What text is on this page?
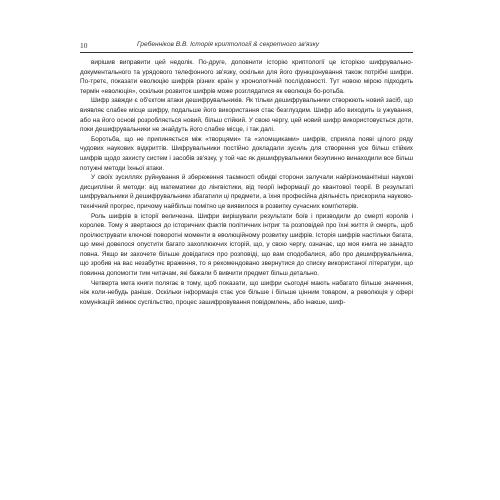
10	Гребенніков В.В. Історія криптології & секретного зв'язку

вирішив виправити цей недолік. По-друге, доповнити історію криптології це історією шифрувально-документального та урядового телефонного зв'язку, оскільки для його функціонування також потрібні шифри. По-третє, показати еволюцію шифрів різних країн у хронологічній послідовності. Тут новою мірою підходить термін «еволюція», оскільки розвиток шифрів може розглядатися як еволюція бо-ротьба.

Шифр завжди є об'єктом атаки дешифрувальників. Як тільки дешифрувальники створюють новий засіб, що виявляє слабке місце шифру, подальше його використання стає безглуздим. Шифр або виходить із ужування, або на його основі розробляється новий, більш стійкий. У свою чергу, цей новий шифр використовується доти, поки дешифрувальники не знайдуть його слабке місце, і так далі.

Боротьба, що не припиняється між «творцями» та «зломщиками» шифрів, сприяла появі цілого ряду чудових наукових відкриттів. Шифрувальники постійно докладали зусиль для створення усе більш стійких шифрів щодо захисту систем і засобів зв'язку, у той час як дешифрувальники безупинно винаходили все більш потужні методи їхньої атаки.

У своїх зусиллях руйнування й збереження таємності обидві сторони залучали найрізноманітніші наукові дисципліни й методи: від математики до лінгвістики, від теорії інформації до квантової теорії. В результаті шифрувальники й дешифрувальники збагатили ці предмети, а їхня професійна діяльність прискорила науково-технічний прогрес, причому найбільш помітно це виявилося в розвитку сучасних комп'ютерів.

Роль шифрів в історії величезна. Шифри вирішували результати боїв і призводили до смерті королів і королев. Тому я звертаюся до історичних фактів політичних інтриг та розповідей про їхні життя й смерть, щоб проілюструвати ключові поворотні моменти в еволюційному розвитку шифрів. Історія шифрів настільки багата, що мені довелося опустити багато захоплюючих історій, що, у свою чергу, означає, що моя книга не занадто повна. Якщо ви захочете більше довідатися про розповіді, що вам сподобалися, або про дешифрувальника, що зробив на вас незабутнє враження, то я рекомендовано звернутися до списку використаної літератури, що повинна допомогти тим читачам, які бажали б вивчити предмет більш детально.

Четверта мета книги полягає в тому, щоб показати, що шифри сьогодні мають набагато більше значення, ніж коли-небудь раніше. Оскільки інформація стає усе більше і більше цінним товаром, а революція у сфері комунікацій змінює суспільство, процес зашифровування повідомлень, або інакше, шиф-
